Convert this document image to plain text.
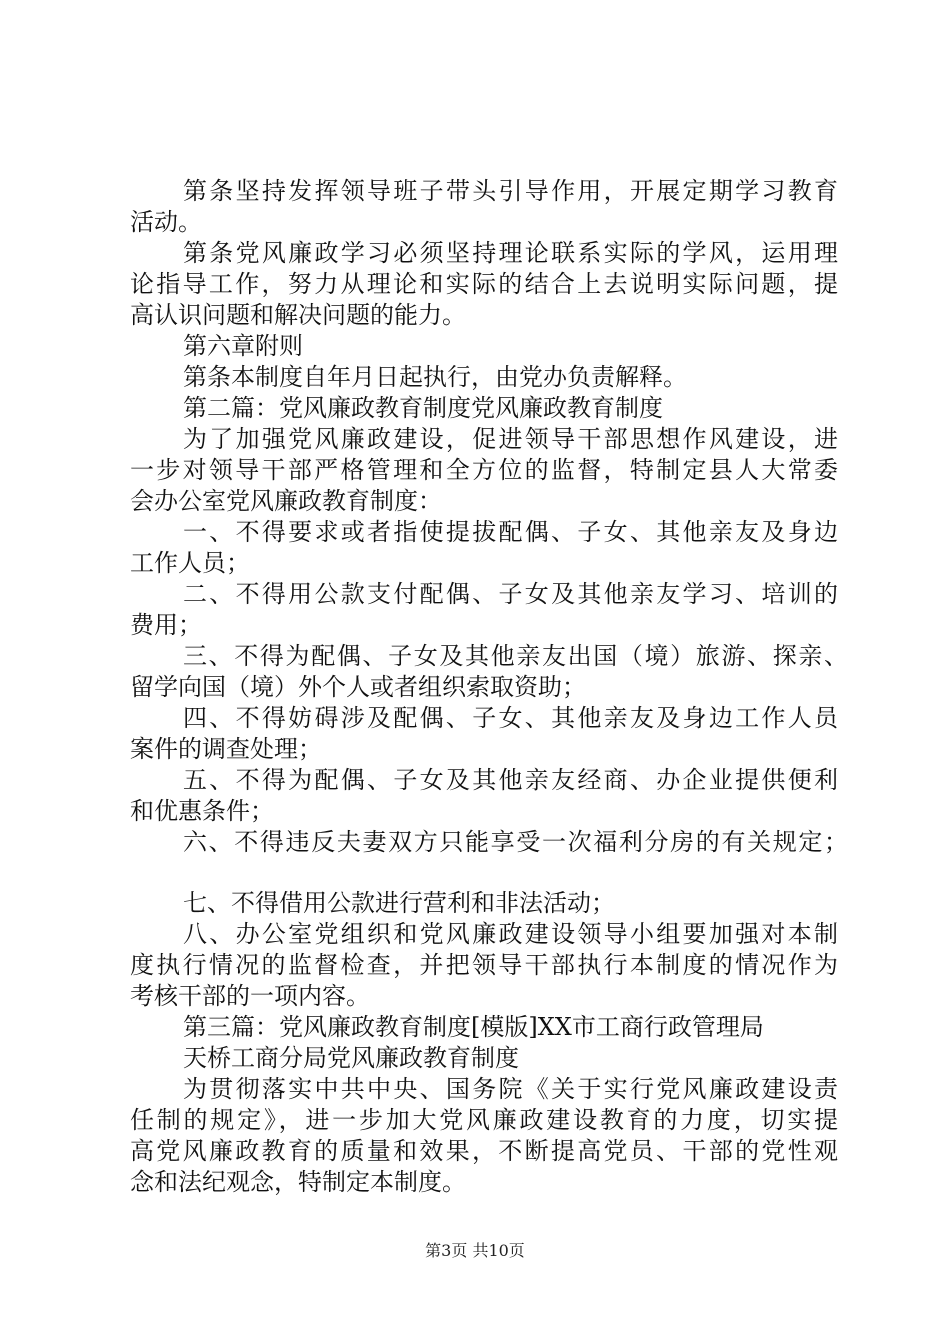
第条坚持发挥领导班子带头引导作用，开展定期学习教育
活动。
第条党风廉政学习必须坚持理论联系实际的学风，运用理
论指导工作，努力从理论和实际的结合上去说明实际问题，提
高认识问题和解决问题的能力。
第六章附则
第条本制度自年月日起执行，由党办负责解释。
第二篇：党风廉政教育制度党风廉政教育制度
为了加强党风廉政建设，促进领导干部思想作风建设，进
一步对领导干部严格管理和全方位的监督，特制定县人大常委
会办公室党风廉政教育制度：
一、不得要求或者指使提拔配偶、子女、其他亲友及身边
工作人员；
二、不得用公款支付配偶、子女及其他亲友学习、培训的
费用；
三、不得为配偶、子女及其他亲友出国（境）旅游、探亲、
留学向国（境）外个人或者组织索取资助；
四、不得妨碍涉及配偶、子女、其他亲友及身边工作人员
案件的调查处理；
五、不得为配偶、子女及其他亲友经商、办企业提供便利
和优惠条件；
六、不得违反夫妻双方只能享受一次福利分房的有关规定；
七、不得借用公款进行营利和非法活动；
八、办公室党组织和党风廉政建设领导小组要加强对本制
度执行情况的监督检查，并把领导干部执行本制度的情况作为
考核干部的一项内容。
第三篇：党风廉政教育制度[模版]XX市工商行政管理局
天桥工商分局党风廉政教育制度
为贯彻落实中共中央、国务院《关于实行党风廉政建设责
任制的规定》，进一步加大党风廉政建设教育的力度，切实提
高党风廉政教育的质量和效果，不断提高党员、干部的党性观
念和法纪观念，特制定本制度。
第3页 共10页
